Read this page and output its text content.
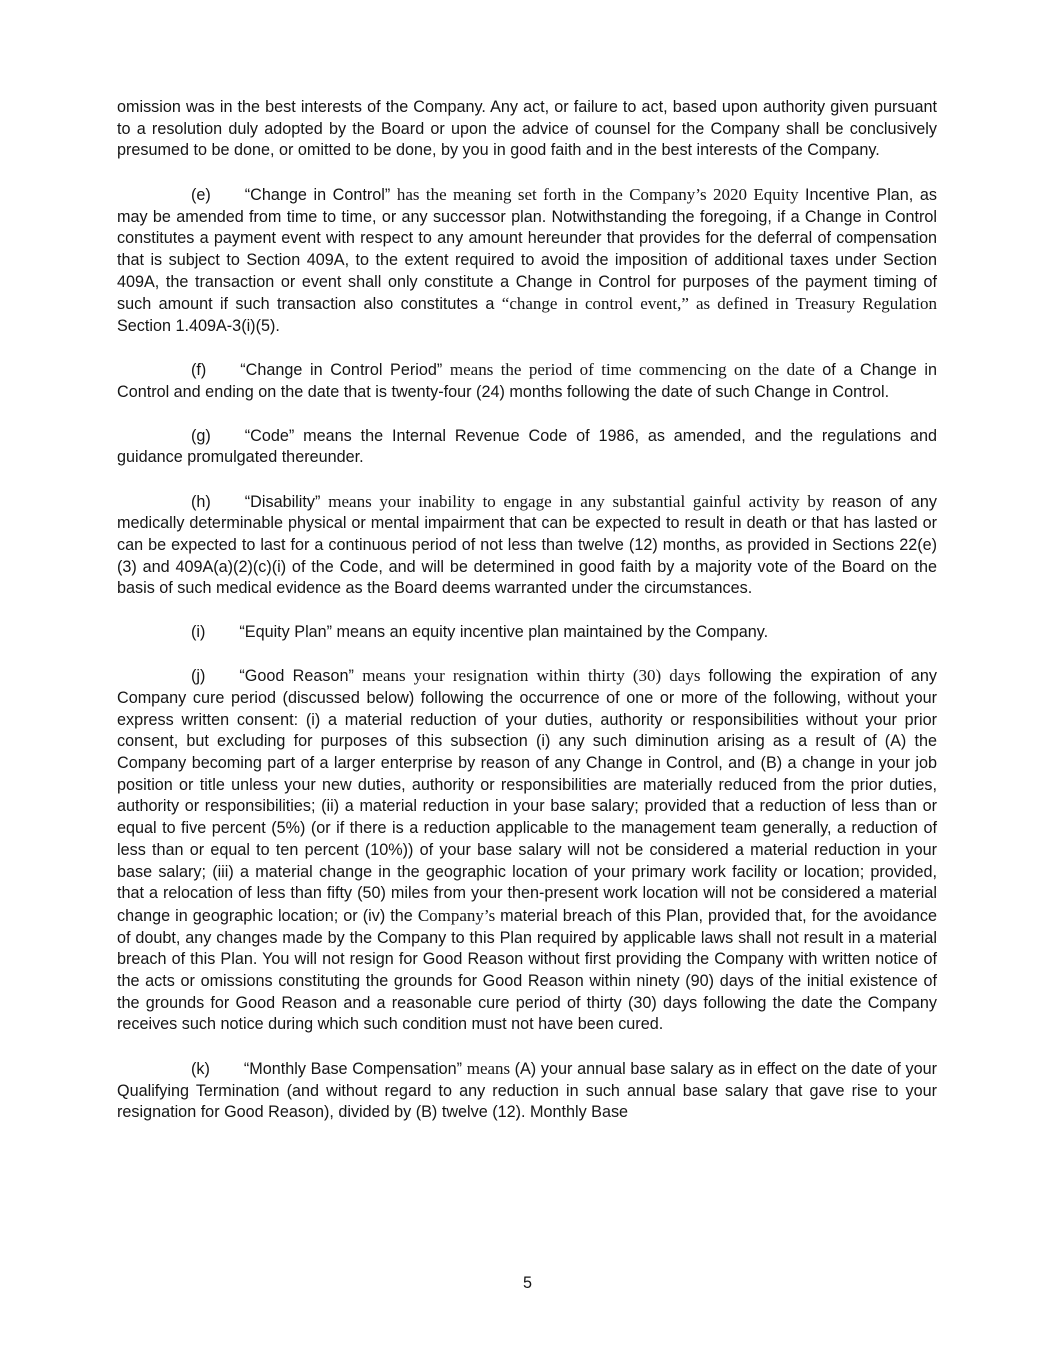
omission was in the best interests of the Company. Any act, or failure to act, based upon authority given pursuant to a resolution duly adopted by the Board or upon the advice of counsel for the Company shall be conclusively presumed to be done, or omitted to be done, by you in good faith and in the best interests of the Company.

(e) “Change in Control” has the meaning set forth in the Company’s 2020 Equity Incentive Plan, as may be amended from time to time, or any successor plan. Notwithstanding the foregoing, if a Change in Control constitutes a payment event with respect to any amount hereunder that provides for the deferral of compensation that is subject to Section 409A, to the extent required to avoid the imposition of additional taxes under Section 409A, the transaction or event shall only constitute a Change in Control for purposes of the payment timing of such amount if such transaction also constitutes a “change in control event,” as defined in Treasury Regulation Section 1.409A-3(i)(5).

(f) “Change in Control Period” means the period of time commencing on the date of a Change in Control and ending on the date that is twenty-four (24) months following the date of such Change in Control.

(g) “Code” means the Internal Revenue Code of 1986, as amended, and the regulations and guidance promulgated thereunder.

(h) “Disability” means your inability to engage in any substantial gainful activity by reason of any medically determinable physical or mental impairment that can be expected to result in death or that has lasted or can be expected to last for a continuous period of not less than twelve (12) months, as provided in Sections 22(e)(3) and 409A(a)(2)(c)(i) of the Code, and will be determined in good faith by a majority vote of the Board on the basis of such medical evidence as the Board deems warranted under the circumstances.

(i) “Equity Plan” means an equity incentive plan maintained by the Company.

(j) “Good Reason” means your resignation within thirty (30) days following the expiration of any Company cure period (discussed below) following the occurrence of one or more of the following, without your express written consent: (i) a material reduction of your duties, authority or responsibilities without your prior consent, but excluding for purposes of this subsection (i) any such diminution arising as a result of (A) the Company becoming part of a larger enterprise by reason of any Change in Control, and (B) a change in your job position or title unless your new duties, authority or responsibilities are materially reduced from the prior duties, authority or responsibilities; (ii) a material reduction in your base salary; provided that a reduction of less than or equal to five percent (5%) (or if there is a reduction applicable to the management team generally, a reduction of less than or equal to ten percent (10%)) of your base salary will not be considered a material reduction in your base salary; (iii) a material change in the geographic location of your primary work facility or location; provided, that a relocation of less than fifty (50) miles from your then-present work location will not be considered a material change in geographic location; or (iv) the Company’s material breach of this Plan, provided that, for the avoidance of doubt, any changes made by the Company to this Plan required by applicable laws shall not result in a material breach of this Plan. You will not resign for Good Reason without first providing the Company with written notice of the acts or omissions constituting the grounds for Good Reason within ninety (90) days of the initial existence of the grounds for Good Reason and a reasonable cure period of thirty (30) days following the date the Company receives such notice during which such condition must not have been cured.

(k) “Monthly Base Compensation” means (A) your annual base salary as in effect on the date of your Qualifying Termination (and without regard to any reduction in such annual base salary that gave rise to your resignation for Good Reason), divided by (B) twelve (12). Monthly Base

5
